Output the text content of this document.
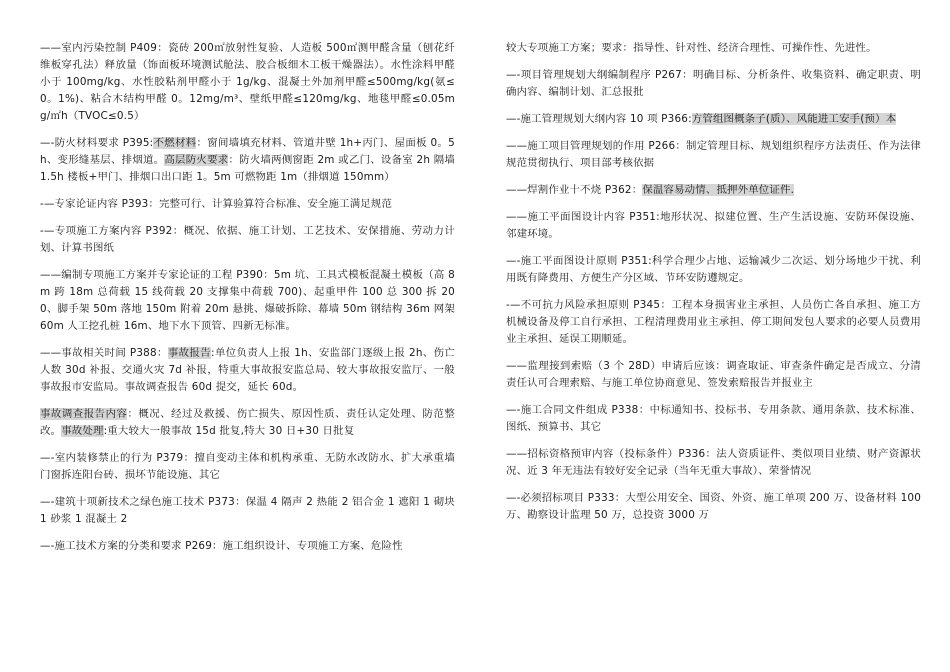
——室内污染控制 P409：瓷砖 200㎡放射性复验、人造板 500㎡测甲醛含量（刨花纤维板穿孔法）释放量（饰面板环境测试舱法、胶合板细木工板干燥器法）。水性涂料甲醛小于 100mg/kg、水性胶粘剂甲醛小于 1g/kg、混凝土外加剂甲醛≤500mg/kg(氨≤0。1%)、粘合木结构甲醛 0。12mg/m³、壁纸甲醛≤120mg/kg、地毯甲醛≤0.05mg/㎡h（TVOC≤0.5）

—-防火材料要求 P395:不燃材料：窗间墙填充材料、管道井壁 1h+丙门、屋面板 0。5h、变形缝基层、排烟道。高层防火要求：防火墙两侧窗距 2m 或乙门、设备室 2h 隔墙 1.5h 楼板+甲门、排烟口出口距 1。5m 可燃物距 1m（排烟道 150mm）

-—专家论证内容 P393：完整可行、计算验算符合标准、安全施工满足规范

-—专项施工方案内容 P392：概况、依据、施工计划、工艺技术、安保措施、劳动力计划、计算书图纸

——编制专项施工方案并专家论证的工程 P390：5m 坑、工具式模板混凝土模板（高 8m 跨 18m 总荷载 15 线荷载 20 支撑集中荷载 700)、起重甲件 100 总 300 拆 200、脚手架 50m 落地 150m 附着 20m 悬挑、爆破拆除、幕墙 50m 钢结构 36m 网架 60m 人工挖孔桩 16m、地下水下顶管、四新无标准。

——事故相关时间 P388：事故报告:单位负责人上报 1h、安监部门逐级上报 2h、伤亡人数 30d 补报、交通火灾 7d 补报，特重大事故报安监总局、较大事故报安监厅、一般事故报市安监局。事故调查报告 60d 提交，延长 60d。

事故调查报告内容：概况、经过及救援、伤亡损失、原因性质、责任认定处理、防范整改。事故处理:重大较大一般事故 15d 批复,特大 30 日+30 日批复

—-室内装修禁止的行为 P379：擅自变动主体和机构承重、无防水改防水、扩大承重墙门窗拆连阳台砖、损坏节能设施、其它

—-建筑十项新技术之绿色施工技术 P373：保温 4 隔声 2 热能 2 铝合金 1 遮阳 1 砌块 1 砂浆 1 混凝土 2

—-施工技术方案的分类和要求 P269：施工组织设计、专项施工方案、危险性

较大专项施工方案；要求：指导性、针对性、经济合理性、可操作性、先进性。

—-项目管理规划大纲编制程序 P267：明确目标、分析条件、收集资料、确定职责、明确内容、编制计划、汇总报批

—-施工管理规划大纲内容 10 项 P366:方管组图概条子(质）、风能进工安手(预）本

——施工项目管理规划的作用 P266：制定管理目标、规划组织程序方法责任、作为法律规范贯彻执行、项目部考核依据

——焊割作业十不烧 P362：保温容易动情、抵押外单位证件.

——施工平面图设计内容 P351:地形状况、拟建位置、生产生活设施、安防环保设施、邻建环境。

—-施工平面图设计原则 P351:科学合理少占地、运输减少二次运、划分场地少干扰、利用既有降费用、方便生产分区域、节环安防遵规定。

-—不可抗力风险承担原则 P345：工程本身损害业主承担、人员伤亡各自承担、施工方机械设备及停工自行承担、工程清理费用业主承担、停工期间发包人要求的必要人员费用业主承担、延误工期顺延。

——监理接到索赔（3 个 28D）申请后应该：调查取证、审查条件确定是否成立、分清责任认可合理索赔、与施工单位协商意见、签发索赔报告并报业主

—-施工合同文件组成 P338：中标通知书、投标书、专用条款、通用条款、技术标准、图纸、预算书、其它

——招标资格预审内容（投标条件）P336：法人资质证件、类似项目业绩、财产资源状况、近 3 年无违法有较好安全记录（当年无重大事故）、荣誉情况

—-必须招标项目 P333：大型公用安全、国资、外资、施工单项 200 万、设备材料 100 万、勘察设计监理 50 万，总投资 3000 万
